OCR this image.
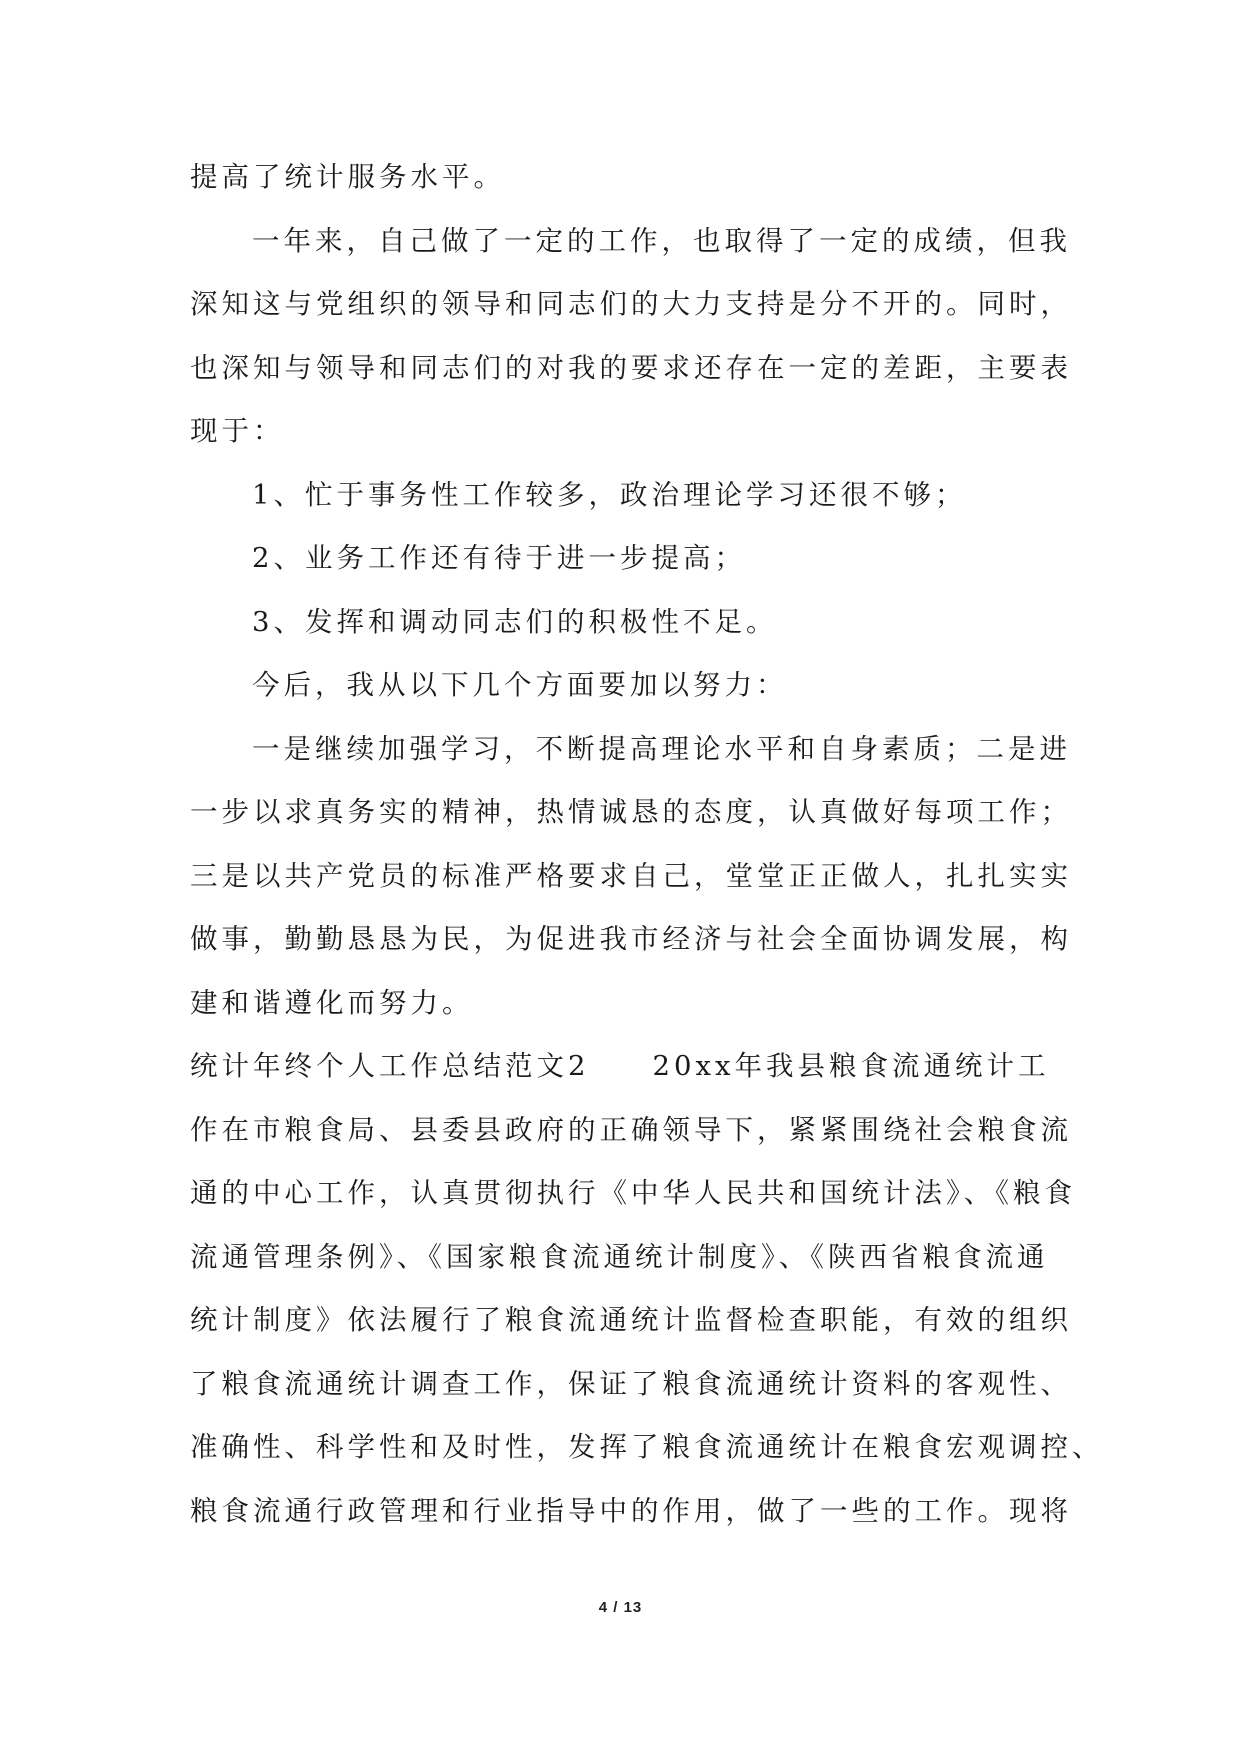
提高了统计服务水平。
一年来，自己做了一定的工作，也取得了一定的成绩，但我
深知这与党组织的领导和同志们的大力支持是分不开的。同时，
也深知与领导和同志们的对我的要求还存在一定的差距，主要表
现于：
1、忙于事务性工作较多，政治理论学习还很不够；
2、业务工作还有待于进一步提高；
3、发挥和调动同志们的积极性不足。
今后，我从以下几个方面要加以努力：
一是继续加强学习，不断提高理论水平和自身素质；二是进
一步以求真务实的精神，热情诚恳的态度，认真做好每项工作；
三是以共产党员的标准严格要求自己，堂堂正正做人，扎扎实实
做事，勤勤恳恳为民，为促进我市经济与社会全面协调发展，构
建和谐遵化而努力。
统计年终个人工作总结范文2　　20xx年我县粮食流通统计工
作在市粮食局、县委县政府的正确领导下，紧紧围绕社会粮食流
通的中心工作，认真贯彻执行《中华人民共和国统计法》、《粮食
流通管理条例》、《国家粮食流通统计制度》、《陕西省粮食流通
统计制度》依法履行了粮食流通统计监督检查职能，有效的组织
了粮食流通统计调查工作，保证了粮食流通统计资料的客观性、
准确性、科学性和及时性，发挥了粮食流通统计在粮食宏观调控、
粮食流通行政管理和行业指导中的作用，做了一些的工作。现将
4 / 13
